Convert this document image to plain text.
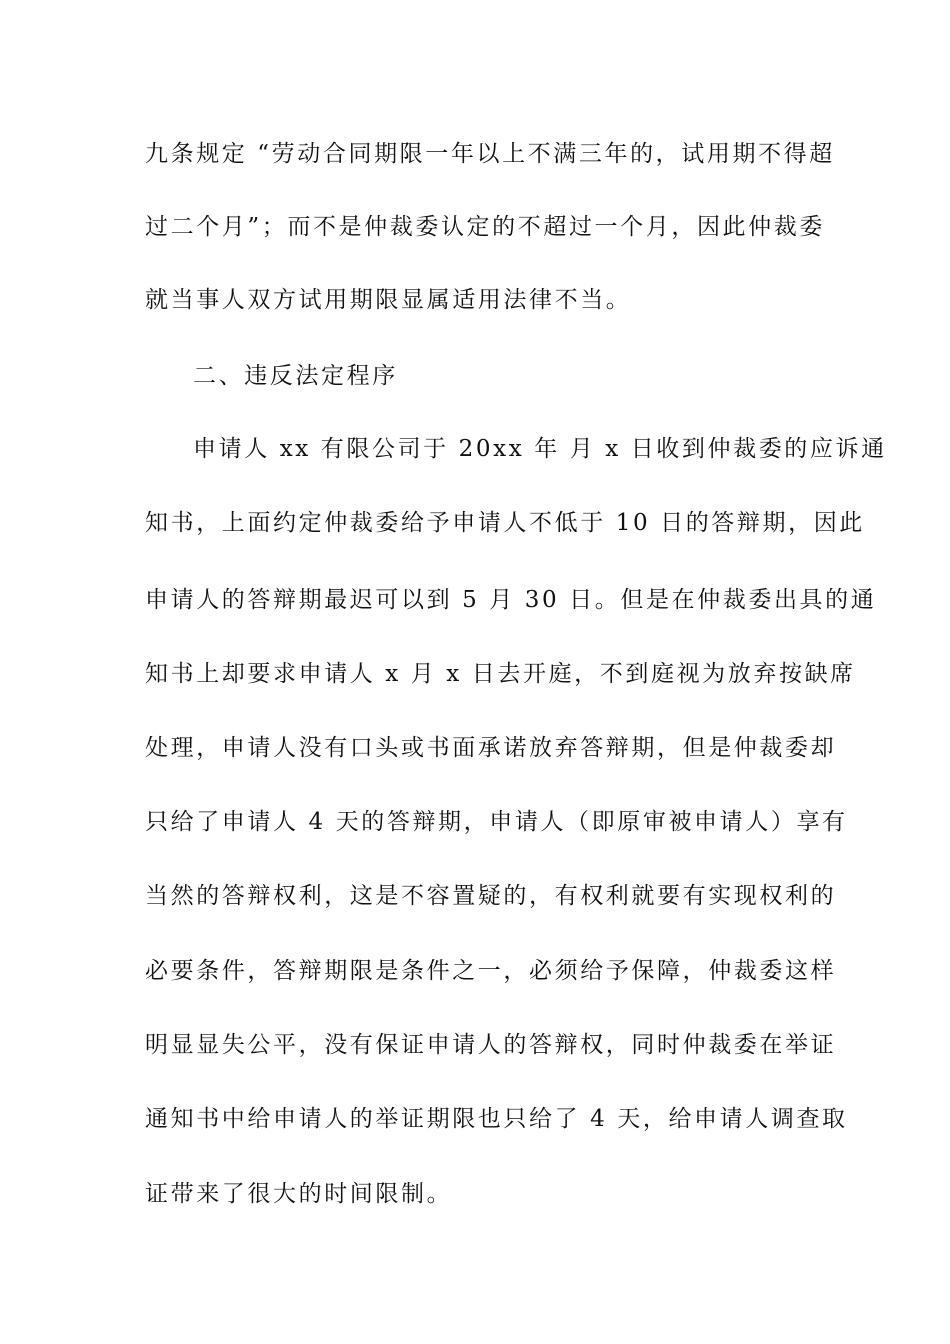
九条规定 “劳动合同期限一年以上不满三年的，试用期不得超
过二个月”；而不是仲裁委认定的不超过一个月，因此仲裁委
就当事人双方试用期限显属适用法律不当。
二、违反法定程序
申请人 xx 有限公司于 20xx 年 月 x 日收到仲裁委的应诉通
知书，上面约定仲裁委给予申请人不低于 10 日的答辩期，因此
申请人的答辩期最迟可以到 5 月 30 日。但是在仲裁委出具的通
知书上却要求申请人 x 月 x 日去开庭，不到庭视为放弃按缺席
处理，申请人没有口头或书面承诺放弃答辩期，但是仲裁委却
只给了申请人 4 天的答辩期，申请人（即原审被申请人）享有
当然的答辩权利，这是不容置疑的，有权利就要有实现权利的
必要条件，答辩期限是条件之一，必须给予保障，仲裁委这样
明显显失公平，没有保证申请人的答辩权，同时仲裁委在举证
通知书中给申请人的举证期限也只给了 4 天，给申请人调查取
证带来了很大的时间限制。
